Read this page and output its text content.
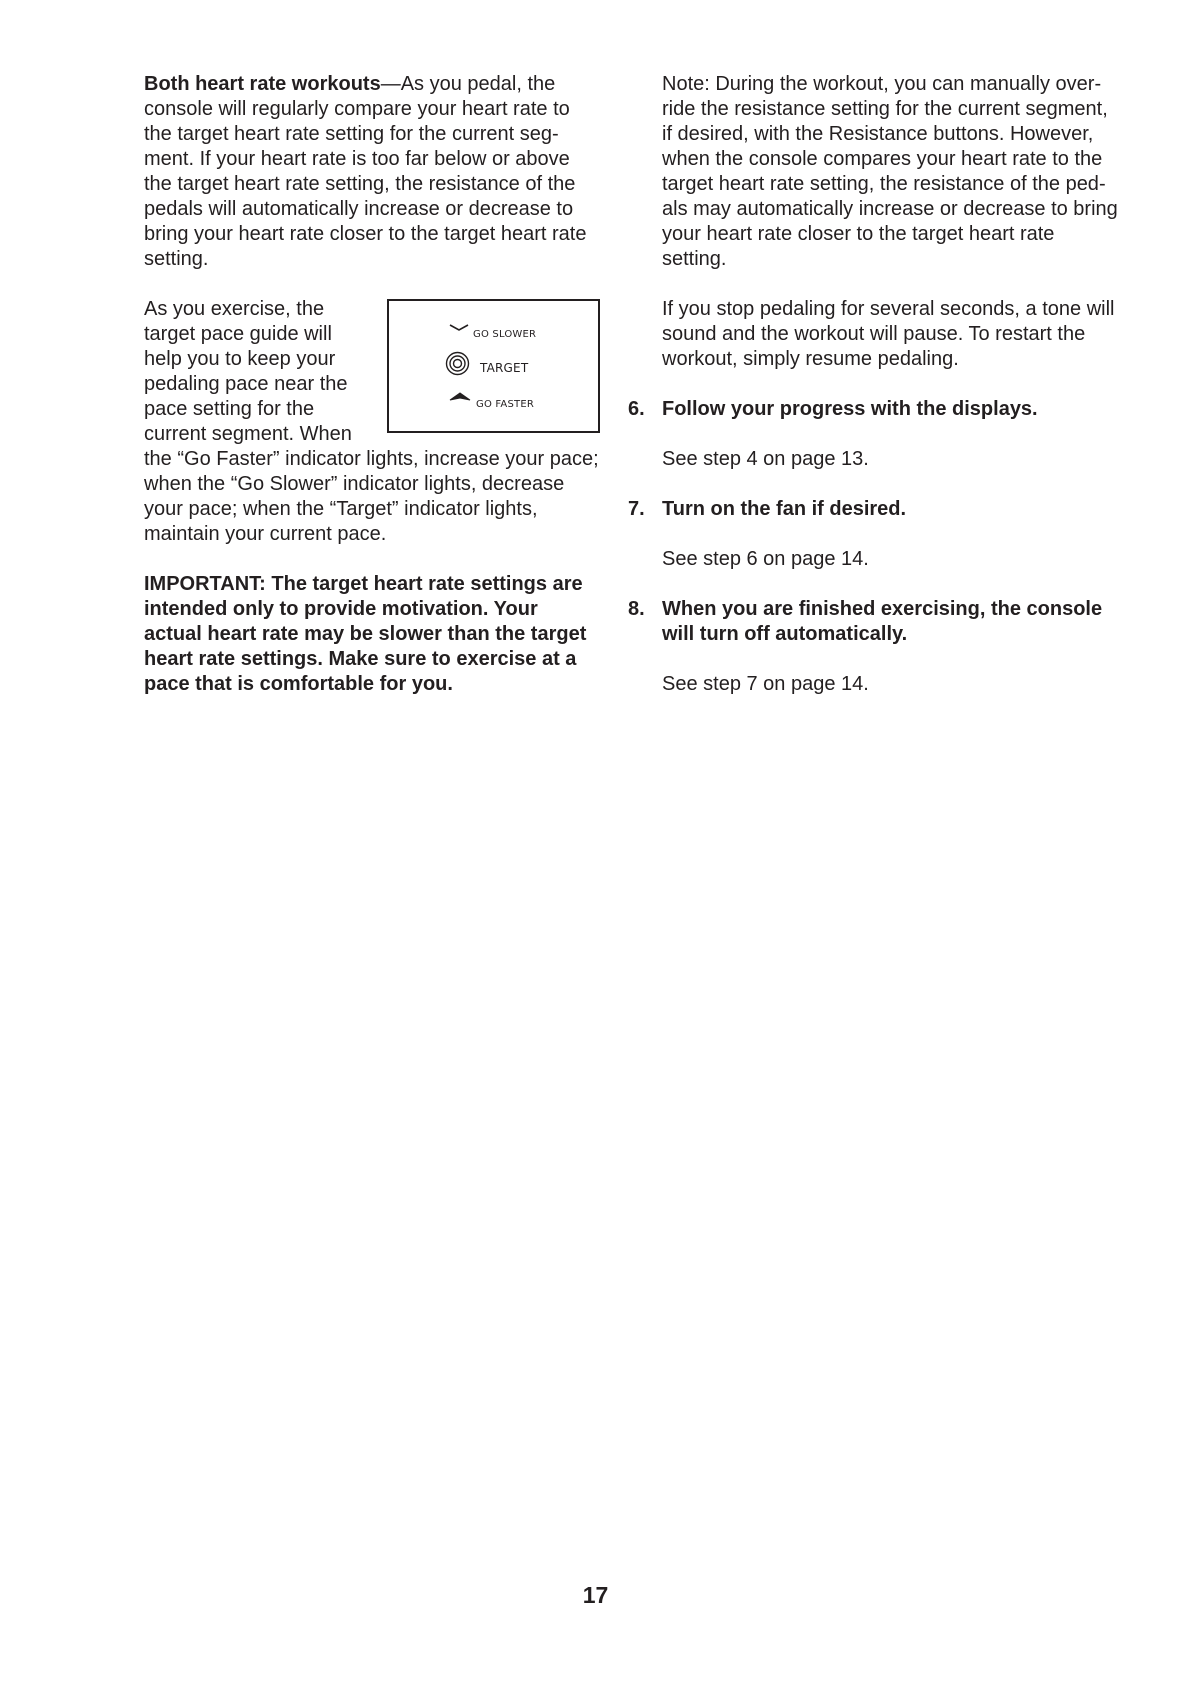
Both heart rate workouts—As you pedal, the console will regularly compare your heart rate to the target heart rate setting for the current segment. If your heart rate is too far below or above the target heart rate setting, the resistance of the pedals will automatically increase or decrease to bring your heart rate closer to the target heart rate setting.

GO SLOWER
TARGET
GO FASTER

As you exercise, the target pace guide will help you to keep your pedaling pace near the pace setting for the current segment. When the “Go Faster” indicator lights, increase your pace; when the “Go Slower” indicator lights, decrease your pace; when the “Target” indicator lights, maintain your current pace.

IMPORTANT: The target heart rate settings are intended only to provide motivation. Your actual heart rate may be slower than the target heart rate settings. Make sure to exercise at a pace that is comfortable for you.

Note: During the workout, you can manually override the resistance setting for the current segment, if desired, with the Resistance buttons. However, when the console compares your heart rate to the target heart rate setting, the resistance of the pedals may automatically increase or decrease to bring your heart rate closer to the target heart rate setting.

If you stop pedaling for several seconds, a tone will sound and the workout will pause. To restart the workout, simply resume pedaling.

6. Follow your progress with the displays.

See step 4 on page 13.

7. Turn on the fan if desired.

See step 6 on page 14.

8. When you are finished exercising, the console will turn off automatically.

See step 7 on page 14.

17
